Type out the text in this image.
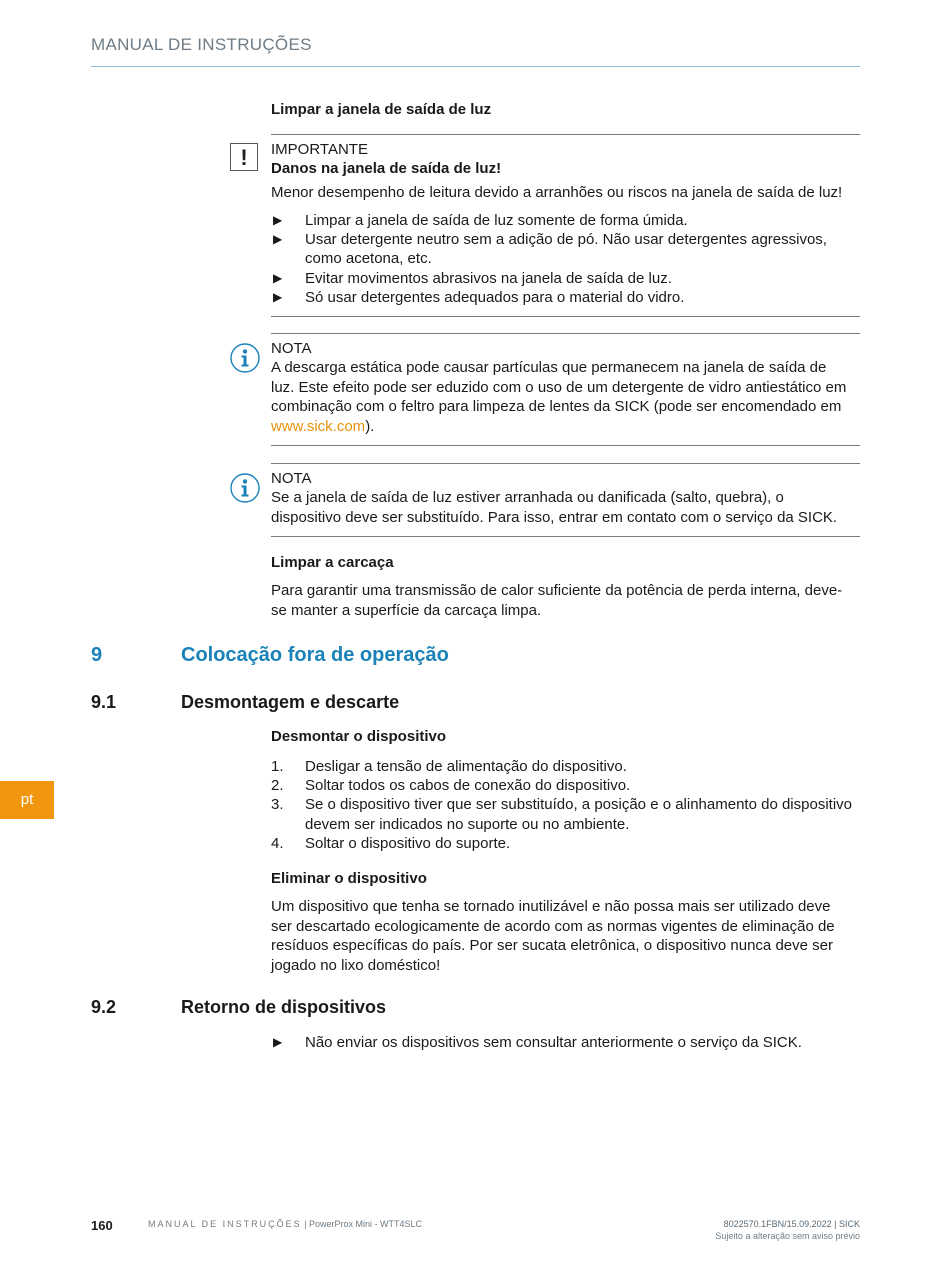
MANUAL DE INSTRUÇÕES
Limpar a janela de saída de luz
!	IMPORTANTE
Danos na janela de saída de luz!
Menor desempenho de leitura devido a arranhões ou riscos na janela de saída de luz!
▶ Limpar a janela de saída de luz somente de forma úmida.
▶ Usar detergente neutro sem a adição de pó. Não usar detergentes agressivos, como acetona, etc.
▶ Evitar movimentos abrasivos na janela de saída de luz.
▶ Só usar detergentes adequados para o material do vidro.
NOTA
A descarga estática pode causar partículas que permanecem na janela de saída de luz. Este efeito pode ser eduzido com o uso de um detergente de vidro antiestático em combinação com o feltro para limpeza de lentes da SICK (pode ser encomendado em www.sick.com).
NOTA
Se a janela de saída de luz estiver arranhada ou danificada (salto, quebra), o dispositivo deve ser substituído. Para isso, entrar em contato com o serviço da SICK.
Limpar a carcaça
Para garantir uma transmissão de calor suficiente da potência de perda interna, deve-se manter a superfície da carcaça limpa.
9	Colocação fora de operação
9.1	Desmontagem e descarte
Desmontar o dispositivo
1. Desligar a tensão de alimentação do dispositivo.
2. Soltar todos os cabos de conexão do dispositivo.
3. Se o dispositivo tiver que ser substituído, a posição e o alinhamento do dispositivo devem ser indicados no suporte ou no ambiente.
4. Soltar o dispositivo do suporte.
Eliminar o dispositivo
Um dispositivo que tenha se tornado inutilizável e não possa mais ser utilizado deve ser descartado ecologicamente de acordo com as normas vigentes de eliminação de resíduos específicas do país. Por ser sucata eletrônica, o dispositivo nunca deve ser jogado no lixo doméstico!
9.2	Retorno de dispositivos
▶ Não enviar os dispositivos sem consultar anteriormente o serviço da SICK.
pt
160	MANUAL DE INSTRUÇÕES | PowerProx Mini - WTT4SLC	8022570.1FBN/15.09.2022 | SICK
Sujeito a alteração sem aviso prévio
